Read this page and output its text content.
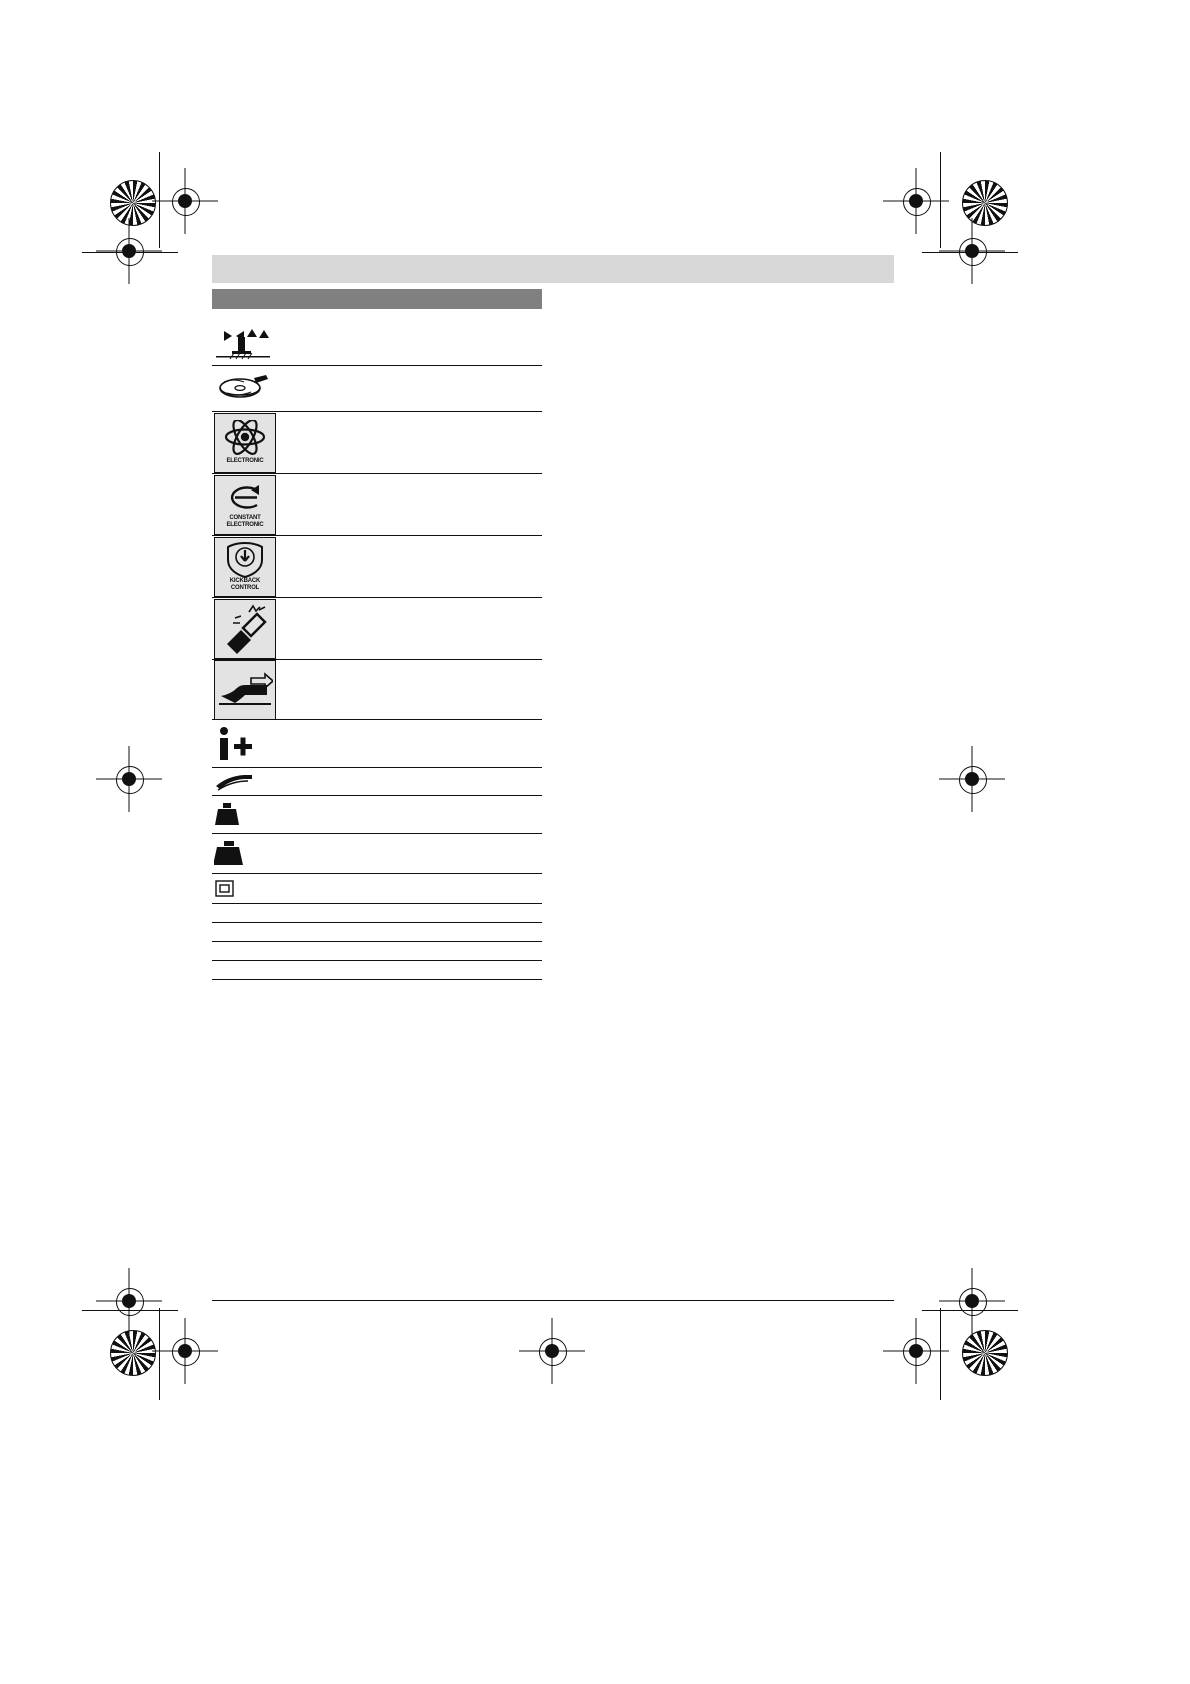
ELECTRONIC
CONSTANT
ELECTRONIC
KICKBACK
CONTROL
